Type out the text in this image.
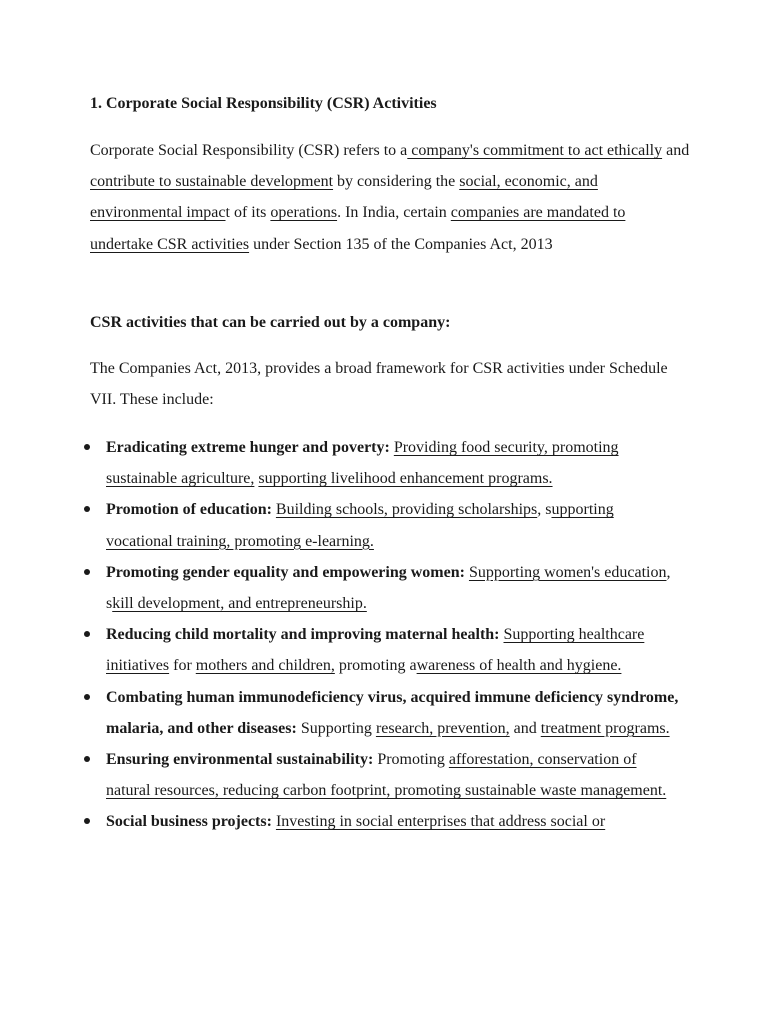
1. Corporate Social Responsibility (CSR) Activities

Corporate Social Responsibility (CSR) refers to a company's commitment to act ethically and contribute to sustainable development by considering the social, economic, and environmental impact of its operations. In India, certain companies are mandated to undertake CSR activities under Section 135 of the Companies Act, 2013

CSR activities that can be carried out by a company:

The Companies Act, 2013, provides a broad framework for CSR activities under Schedule VII. These include:

Eradicating extreme hunger and poverty: Providing food security, promoting sustainable agriculture, supporting livelihood enhancement programs.
Promotion of education: Building schools, providing scholarships, supporting vocational training, promoting e-learning.
Promoting gender equality and empowering women: Supporting women's education, skill development, and entrepreneurship.
Reducing child mortality and improving maternal health: Supporting healthcare initiatives for mothers and children, promoting awareness of health and hygiene.
Combating human immunodeficiency virus, acquired immune deficiency syndrome, malaria, and other diseases: Supporting research, prevention, and treatment programs.
Ensuring environmental sustainability: Promoting afforestation, conservation of natural resources, reducing carbon footprint, promoting sustainable waste management.
Social business projects: Investing in social enterprises that address social or
